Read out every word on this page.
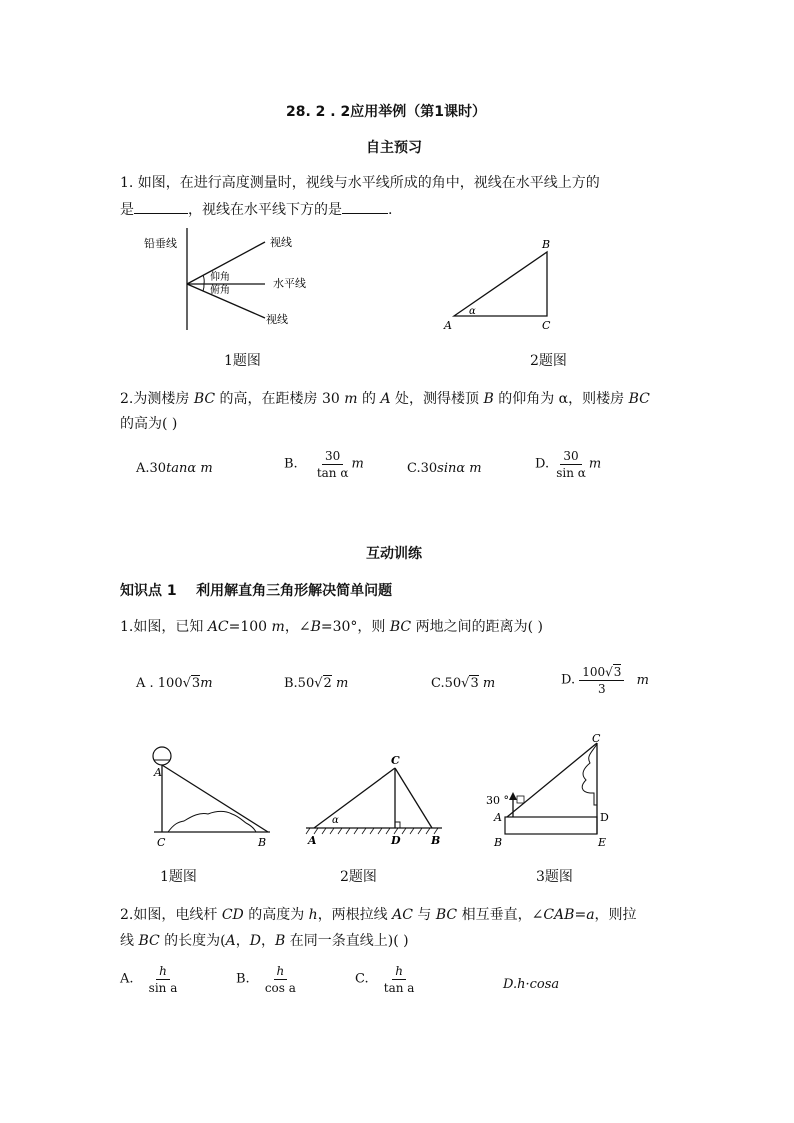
28. 2 . 2应用举例（第1课时）
自主预习
1. 如图，在进行高度测量时，视线与水平线所成的角中，视线在水平线上方的
是	，视线在水平线下方的是	.
铅垂线	视线
仰角
俯角
水平线
视线
1题图
A
B
C
α
2题图
2.为测楼房 BC 的高，在距楼房 30 m 的 A 处，测得楼顶 B 的仰角为 α，则楼房 BC
的高为( )
A.30tanα m	B. $\frac{30}{\text{tan α}}$ m	C.30sinα m	D. $\frac{30}{\text{sin α}}$ m
互动训练
知识点 1    利用解直角三角形解决简单问题
1.如图，已知 AC=100 m，∠B=30°，则 BC 两地之间的距离为( )
A . 100√3m	B.50√2 m	C.50√3 m	D. $\frac{100√3}{3}$ m
A
C	B
1题图
C
A	D	B
α
2题图
30 °
C
A	D
B	E
3题图
2.如图，电线杆 CD 的高度为 h，两根拉线 AC 与 BC 相互垂直，∠CAB=a，则拉
线 BC 的长度为(A，D，B 在同一条直线上)( )
A. $\frac{h}{\text{sin a}}$	B. $\frac{h}{\text{cos a}}$	C. $\frac{h}{\text{tan a}}$	D.h·cosa
